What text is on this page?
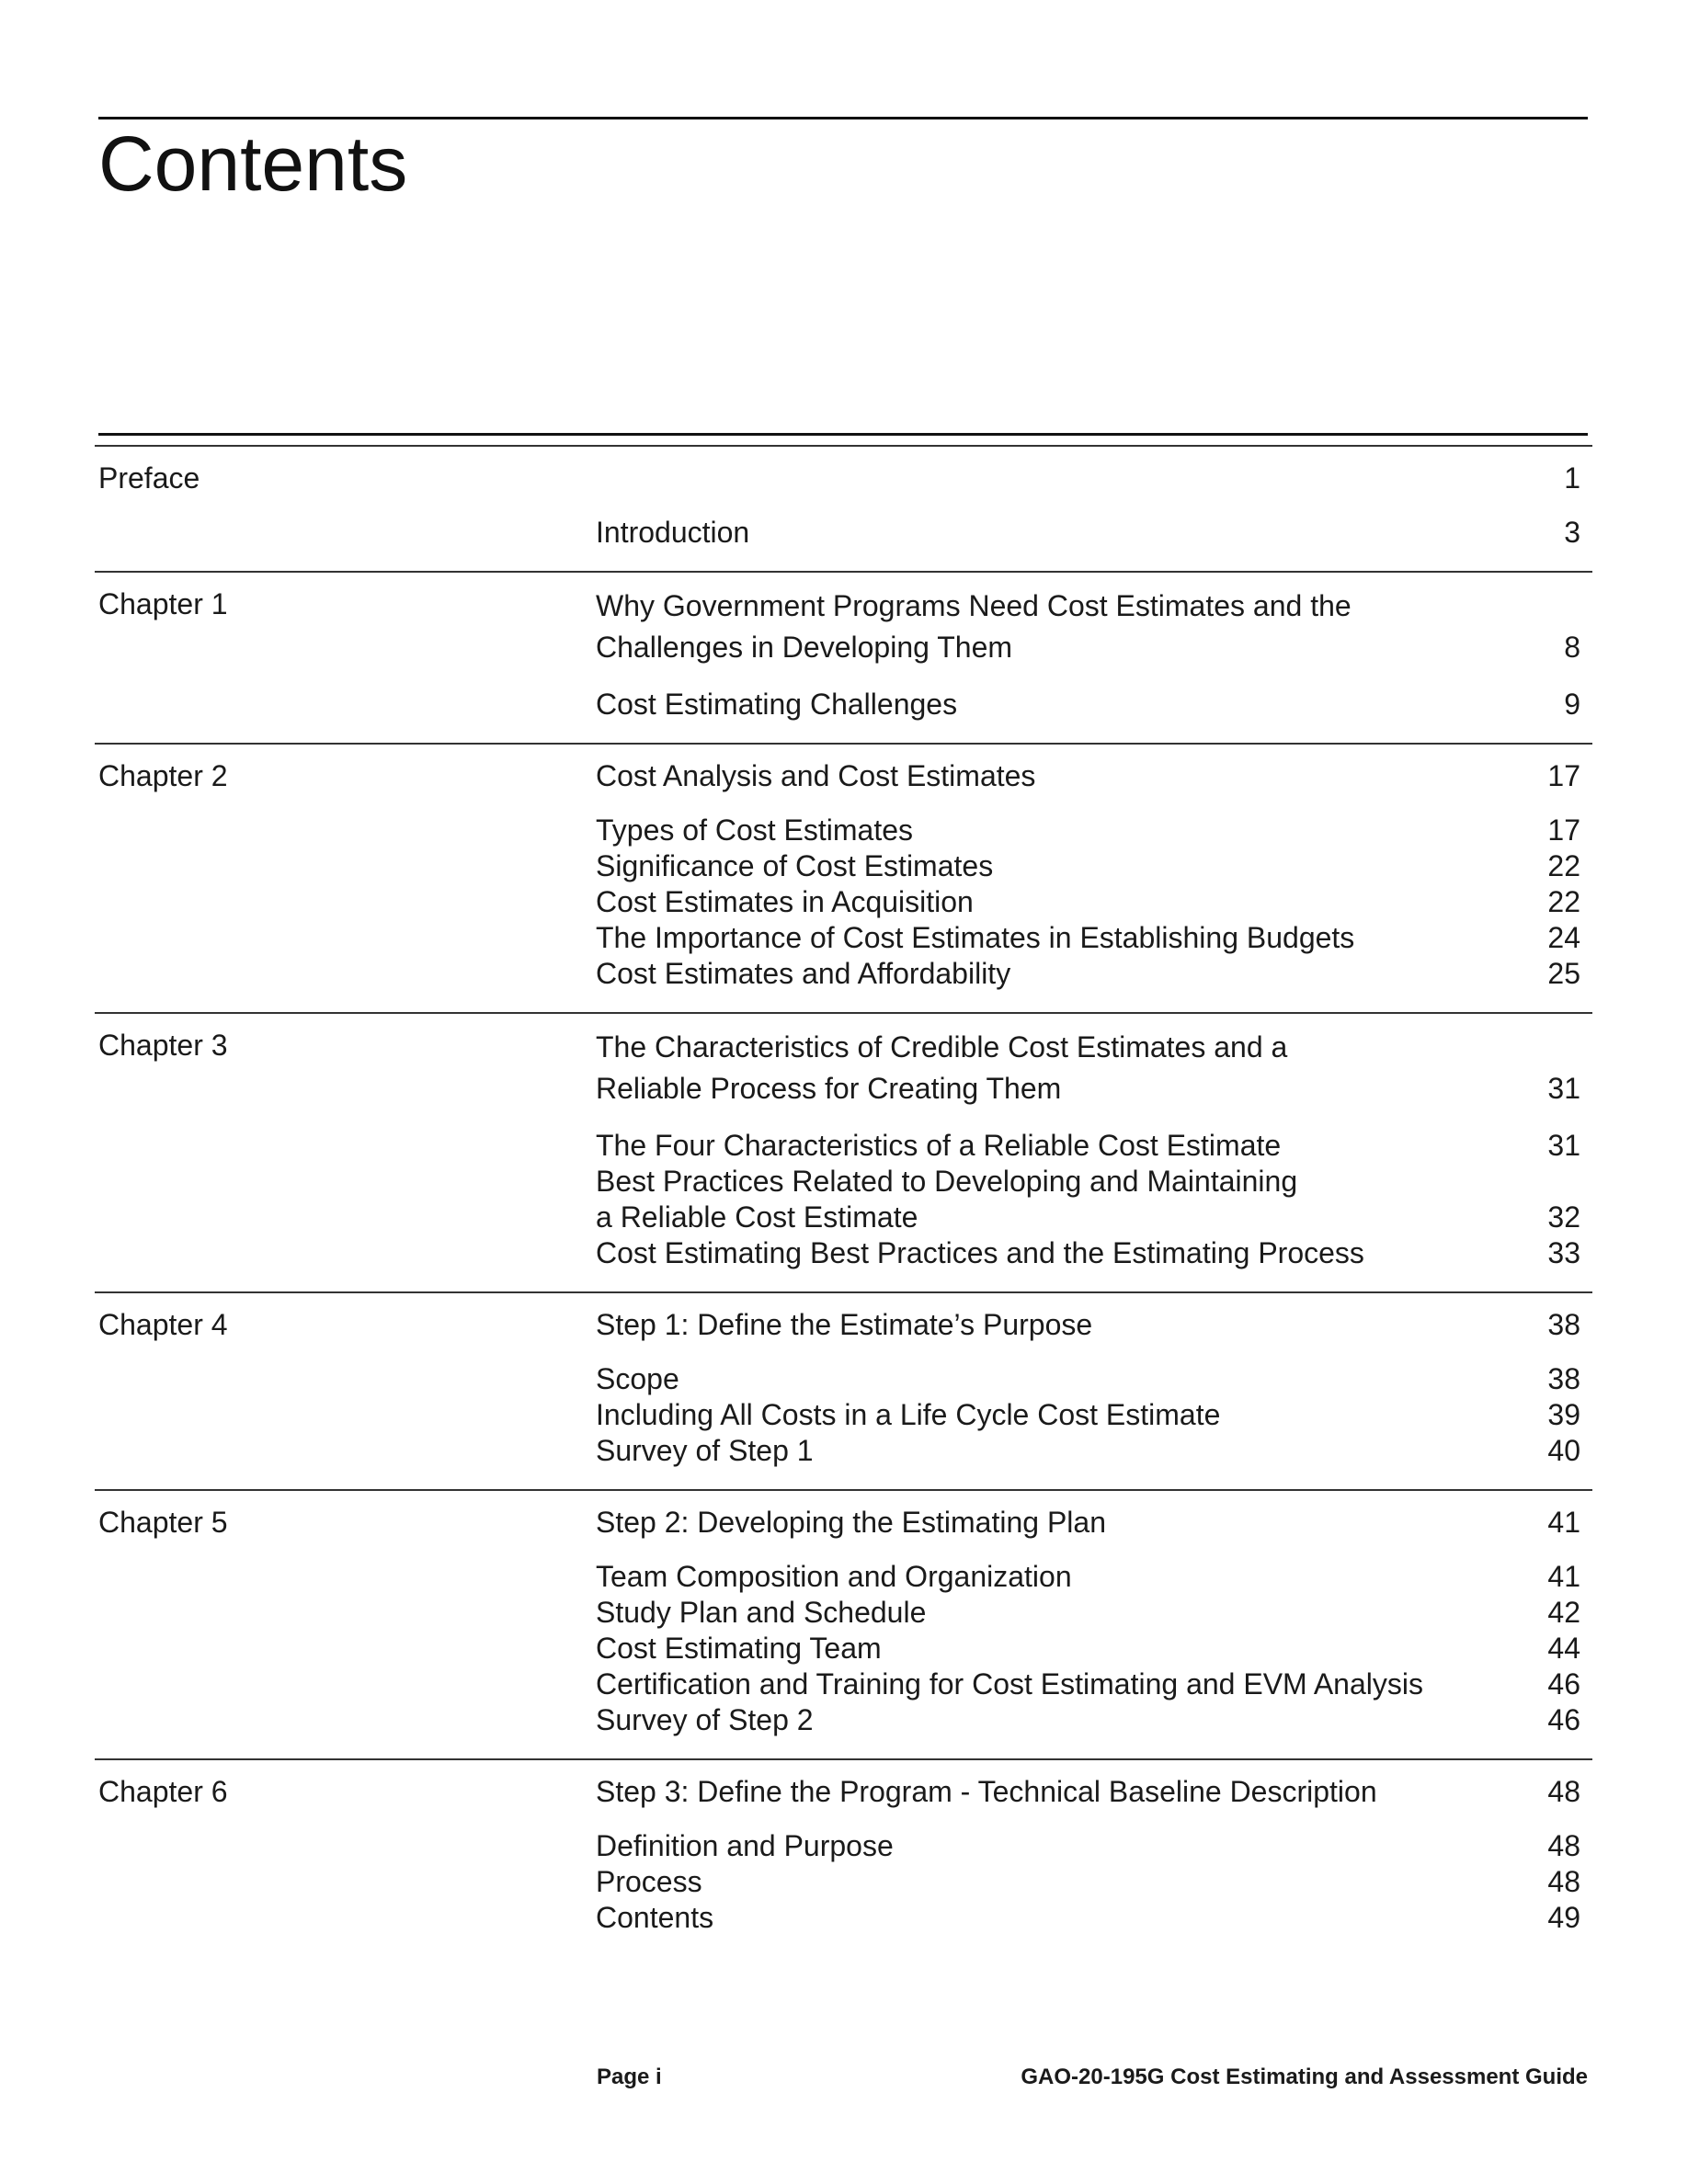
Contents
Preface	1
Introduction	3
Chapter 1	Why Government Programs Need Cost Estimates and the
Challenges in Developing Them	8
Cost Estimating Challenges	9
Chapter 2	Cost Analysis and Cost Estimates	17
Types of Cost Estimates	17
Significance of Cost Estimates	22
Cost Estimates in Acquisition	22
The Importance of Cost Estimates in Establishing Budgets	24
Cost Estimates and Affordability	25
Chapter 3	The Characteristics of Credible Cost Estimates and a
Reliable Process for Creating Them	31
The Four Characteristics of a Reliable Cost Estimate	31
Best Practices Related to Developing and Maintaining
a Reliable Cost Estimate	32
Cost Estimating Best Practices and the Estimating Process	33
Chapter 4	Step 1: Define the Estimate’s Purpose	38
Scope	38
Including All Costs in a Life Cycle Cost Estimate	39
Survey of Step 1	40
Chapter 5	Step 2: Developing the Estimating Plan	41
Team Composition and Organization	41
Study Plan and Schedule	42
Cost Estimating Team	44
Certification and Training for Cost Estimating and EVM Analysis	46
Survey of Step 2	46
Chapter 6	Step 3: Define the Program - Technical Baseline Description	48
Definition and Purpose	48
Process	48
Contents	49
Page i	GAO-20-195G Cost Estimating and Assessment Guide
